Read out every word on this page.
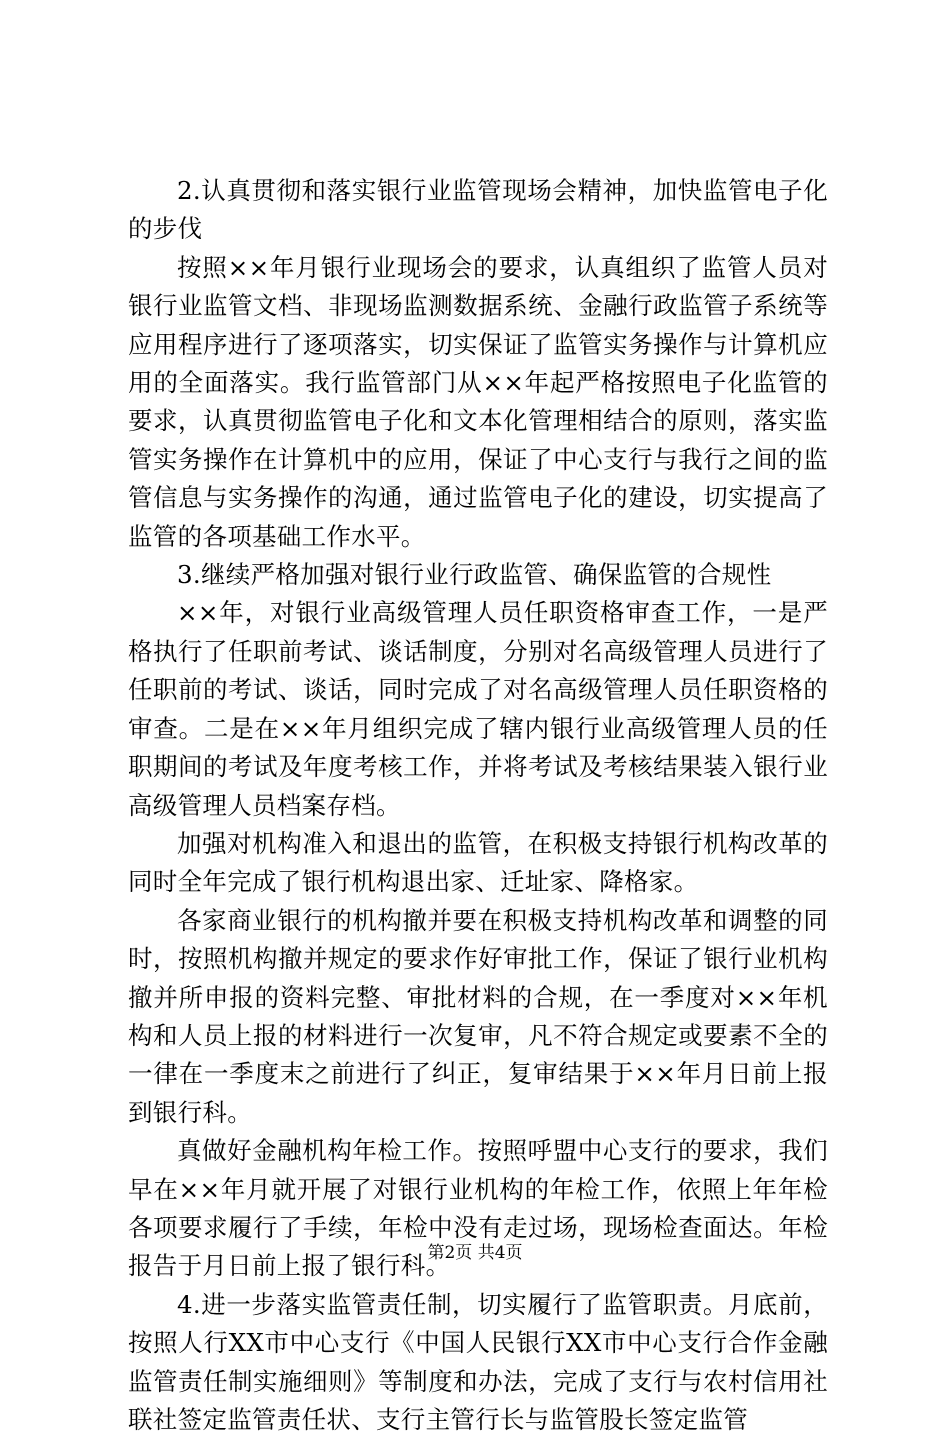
2.认真贯彻和落实银行业监管现场会精神，加快监管电子化的步伐

按照××年月银行业现场会的要求，认真组织了监管人员对银行业监管文档、非现场监测数据系统、金融行政监管子系统等应用程序进行了逐项落实，切实保证了监管实务操作与计算机应用的全面落实。我行监管部门从××年起严格按照电子化监管的要求，认真贯彻监管电子化和文本化管理相结合的原则，落实监管实务操作在计算机中的应用，保证了中心支行与我行之间的监管信息与实务操作的沟通，通过监管电子化的建设，切实提高了监管的各项基础工作水平。

3.继续严格加强对银行业行政监管、确保监管的合规性

××年，对银行业高级管理人员任职资格审查工作，一是严格执行了任职前考试、谈话制度，分别对名高级管理人员进行了任职前的考试、谈话，同时完成了对名高级管理人员任职资格的审查。二是在××年月组织完成了辖内银行业高级管理人员的任职期间的考试及年度考核工作，并将考试及考核结果装入银行业高级管理人员档案存档。

加强对机构准入和退出的监管，在积极支持银行机构改革的同时全年完成了银行机构退出家、迁址家、降格家。

各家商业银行的机构撤并要在积极支持机构改革和调整的同时，按照机构撤并规定的要求作好审批工作，保证了银行业机构撤并所申报的资料完整、审批材料的合规，在一季度对××年机构和人员上报的材料进行一次复审，凡不符合规定或要素不全的一律在一季度末之前进行了纠正，复审结果于××年月日前上报到银行科。

真做好金融机构年检工作。按照呼盟中心支行的要求，我们早在××年月就开展了对银行业机构的年检工作，依照上年年检各项要求履行了手续，年检中没有走过场，现场检查面达。年检报告于月日前上报了银行科。

4.进一步落实监管责任制，切实履行了监管职责。月底前，按照人行XX市中心支行《中国人民银行XX市中心支行合作金融监管责任制实施细则》等制度和办法，完成了支行与农村信用社联社签定监管责任状、支行主管行长与监管股长签定监管

第2页 共4页
